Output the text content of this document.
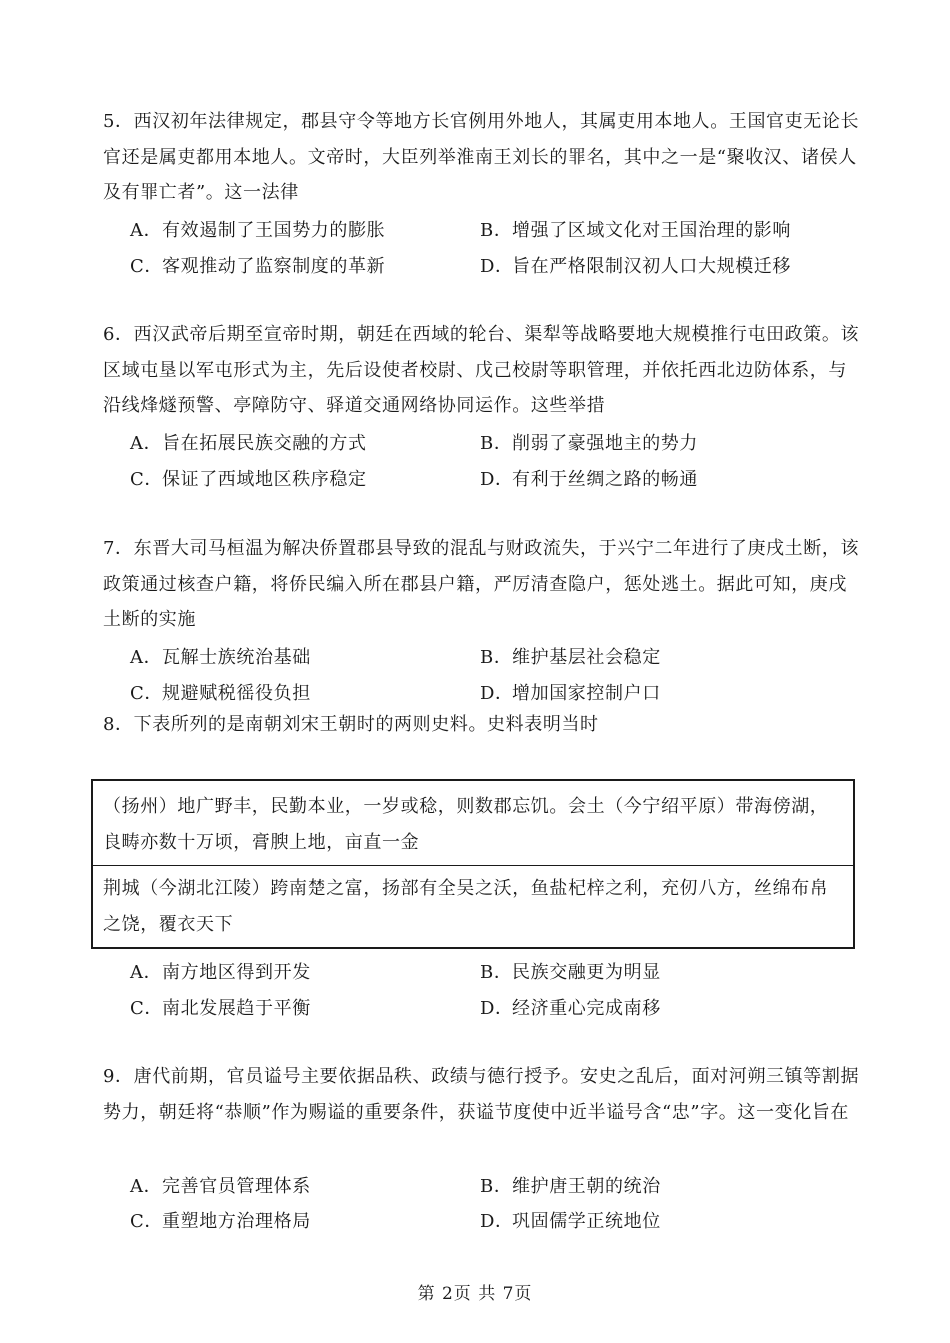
5．西汉初年法律规定，郡县守令等地方长官例用外地人，其属吏用本地人。王国官吏无论长官还是属吏都用本地人。文帝时，大臣列举淮南王刘长的罪名，其中之一是“聚收汉、诸侯人及有罪亡者”。这一法律
A．有效遏制了王国势力的膨胀	B．增强了区域文化对王国治理的影响
C．客观推动了监察制度的革新	D．旨在严格限制汉初人口大规模迁移
6．西汉武帝后期至宣帝时期，朝廷在西域的轮台、渠犁等战略要地大规模推行屯田政策。该区域屯垦以军屯形式为主，先后设使者校尉、戊己校尉等职管理，并依托西北边防体系，与沿线烽燧预警、亭障防守、驿道交通网络协同运作。这些举措
A．旨在拓展民族交融的方式	B．削弱了豪强地主的势力
C．保证了西域地区秩序稳定	D．有利于丝绸之路的畅通
7．东晋大司马桓温为解决侨置郡县导致的混乱与财政流失，于兴宁二年进行了庚戌土断，该政策通过核查户籍，将侨民编入所在郡县户籍，严厉清查隐户，惩处逃土。据此可知，庚戌土断的实施
A．瓦解士族统治基础	B．维护基层社会稳定
C．规避赋税徭役负担	D．增加国家控制户口
8．下表所列的是南朝刘宋王朝时的两则史料。史料表明当时
（扬州）地广野丰，民勤本业，一岁或稔，则数郡忘饥。会土（今宁绍平原）带海傍湖，良畴亦数十万顷，膏腴上地，亩直一金
荆城（今湖北江陵）跨南楚之富，扬部有全吴之沃，鱼盐杞梓之利，充仞八方，丝绵布帛之饶，覆衣天下
A．南方地区得到开发	B．民族交融更为明显
C．南北发展趋于平衡	D．经济重心完成南移
9．唐代前期，官员谥号主要依据品秩、政绩与德行授予。安史之乱后，面对河朔三镇等割据势力，朝廷将“恭顺”作为赐谥的重要条件，获谥节度使中近半谥号含“忠”字。这一变化旨在
A．完善官员管理体系	B．维护唐王朝的统治
C．重塑地方治理格局	D．巩固儒学正统地位
第 2页 共 7页
